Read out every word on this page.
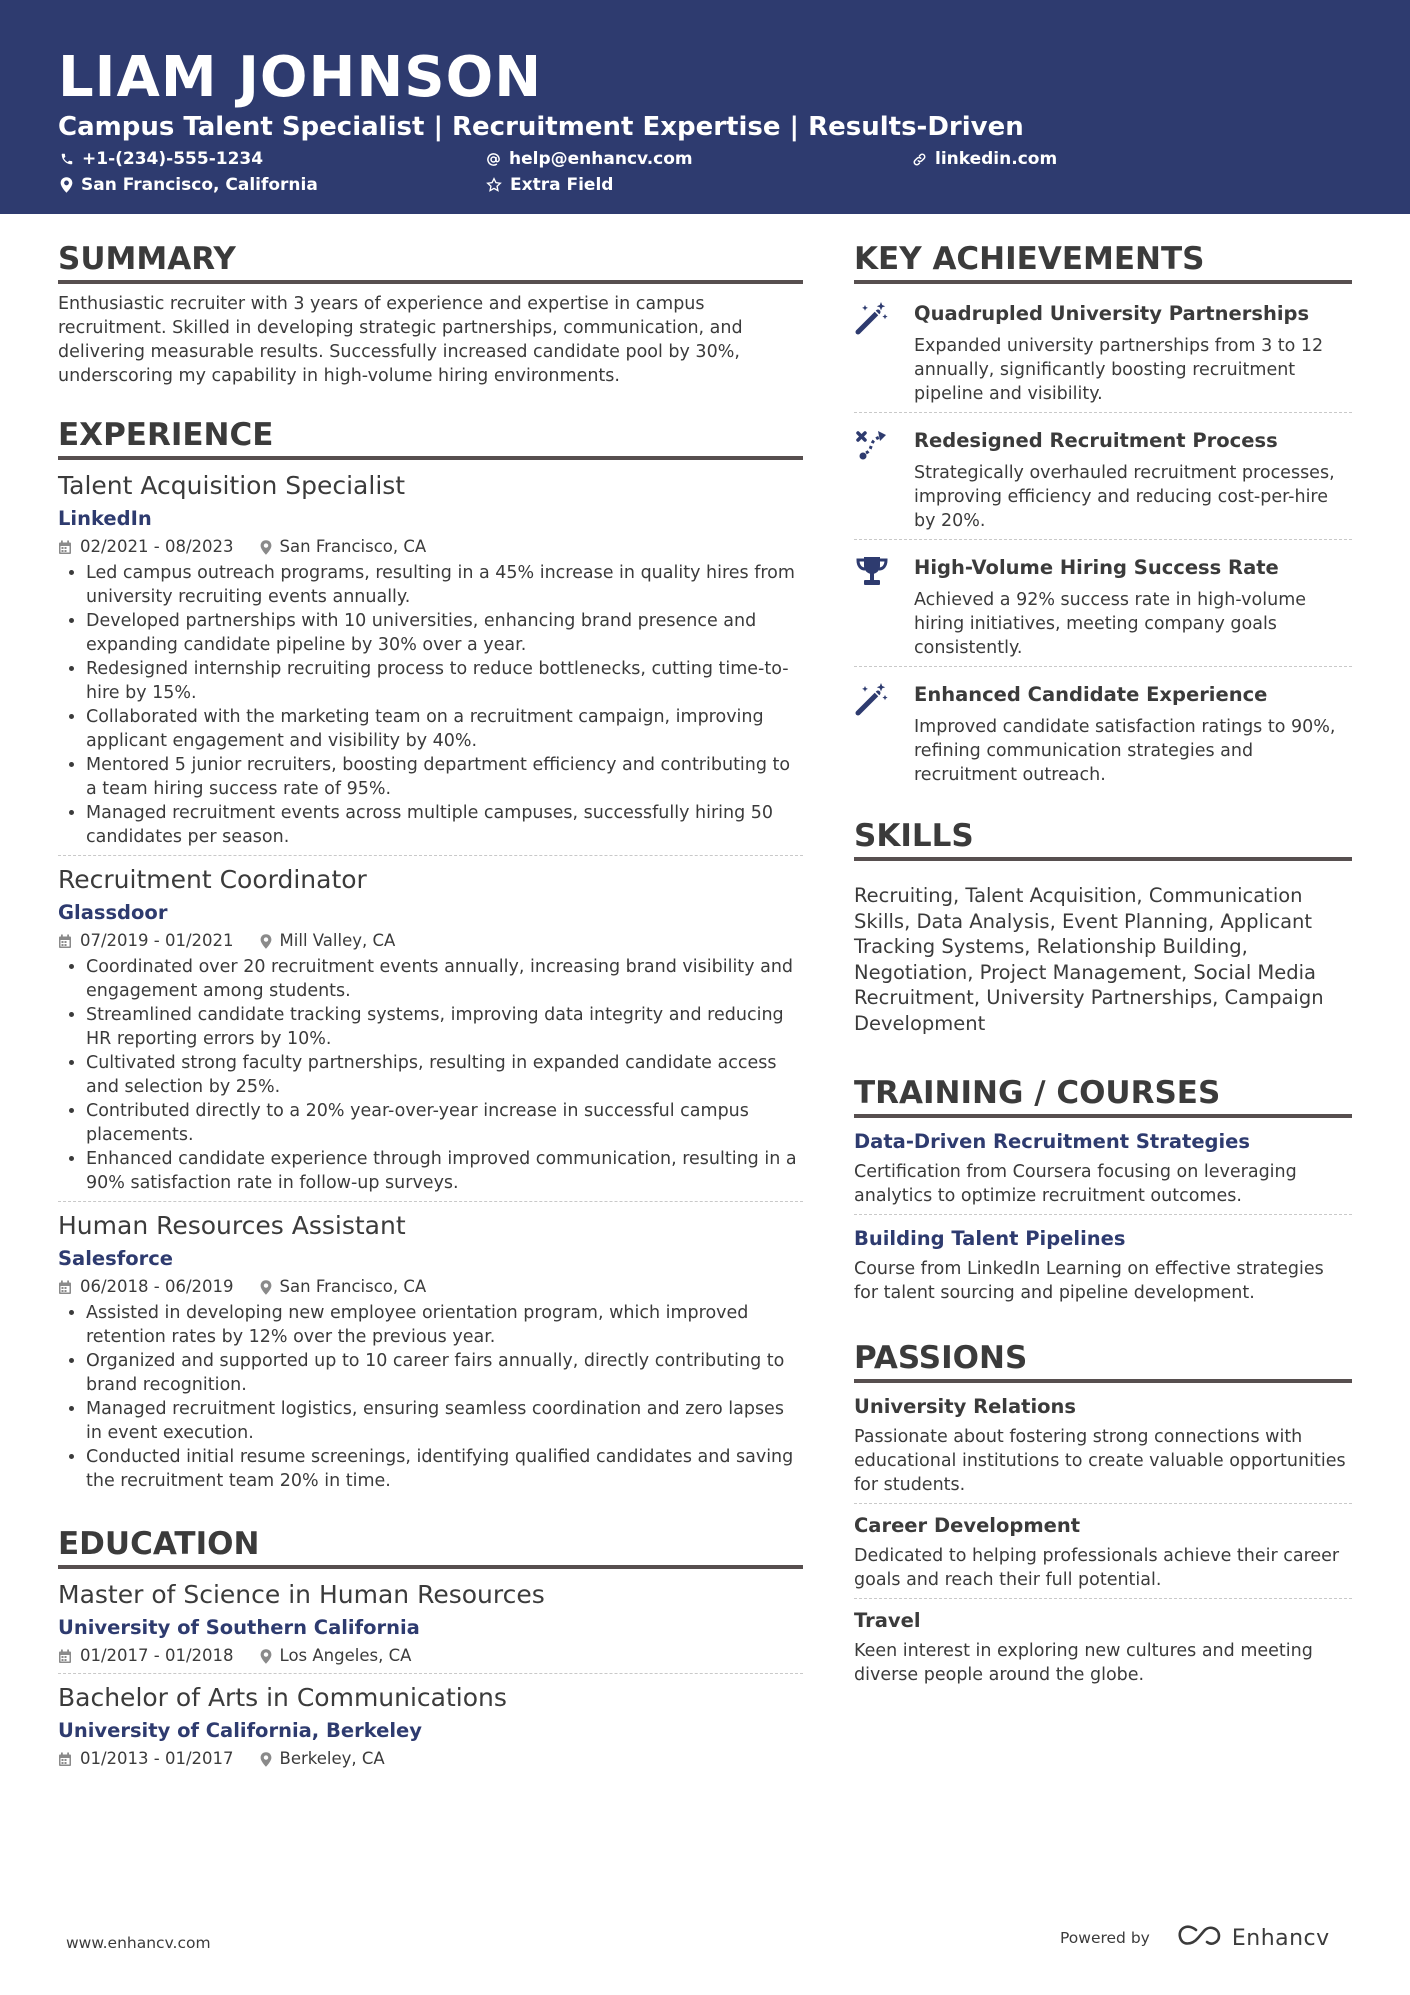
LIAM JOHNSON
Campus Talent Specialist | Recruitment Expertise | Results-Driven
+1-(234)-555-1234	help@enhancv.com	linkedin.com
San Francisco, California	Extra Field
SUMMARY

Enthusiastic recruiter with 3 years of experience and expertise in campus recruitment. Skilled in developing strategic partnerships, communication, and delivering measurable results. Successfully increased candidate pool by 30%, underscoring my capability in high-volume hiring environments.

EXPERIENCE
Talent Acquisition Specialist
LinkedIn
02/2021 - 08/2023	San Francisco, CA
• Led campus outreach programs, resulting in a 45% increase in quality hires from university recruiting events annually.
• Developed partnerships with 10 universities, enhancing brand presence and expanding candidate pipeline by 30% over a year.
• Redesigned internship recruiting process to reduce bottlenecks, cutting time-to-hire by 15%.
• Collaborated with the marketing team on a recruitment campaign, improving applicant engagement and visibility by 40%.
• Mentored 5 junior recruiters, boosting department efficiency and contributing to a team hiring success rate of 95%.
• Managed recruitment events across multiple campuses, successfully hiring 50 candidates per season.
Recruitment Coordinator
Glassdoor
07/2019 - 01/2021	Mill Valley, CA
• Coordinated over 20 recruitment events annually, increasing brand visibility and engagement among students.
• Streamlined candidate tracking systems, improving data integrity and reducing HR reporting errors by 10%.
• Cultivated strong faculty partnerships, resulting in expanded candidate access and selection by 25%.
• Contributed directly to a 20% year-over-year increase in successful campus placements.
• Enhanced candidate experience through improved communication, resulting in a 90% satisfaction rate in follow-up surveys.
Human Resources Assistant
Salesforce
06/2018 - 06/2019	San Francisco, CA
• Assisted in developing new employee orientation program, which improved retention rates by 12% over the previous year.
• Organized and supported up to 10 career fairs annually, directly contributing to brand recognition.
• Managed recruitment logistics, ensuring seamless coordination and zero lapses in event execution.
• Conducted initial resume screenings, identifying qualified candidates and saving the recruitment team 20% in time.
EDUCATION
Master of Science in Human Resources
University of Southern California
01/2017 - 01/2018	Los Angeles, CA
Bachelor of Arts in Communications
University of California, Berkeley
01/2013 - 01/2017	Berkeley, CA
KEY ACHIEVEMENTS
Quadrupled University Partnerships
Expanded university partnerships from 3 to 12 annually, significantly boosting recruitment pipeline and visibility.
Redesigned Recruitment Process
Strategically overhauled recruitment processes, improving efficiency and reducing cost-per-hire by 20%.
High-Volume Hiring Success Rate
Achieved a 92% success rate in high-volume hiring initiatives, meeting company goals consistently.
Enhanced Candidate Experience
Improved candidate satisfaction ratings to 90%, refining communication strategies and recruitment outreach.
SKILLS
Recruiting, Talent Acquisition, Communication Skills, Data Analysis, Event Planning, Applicant Tracking Systems, Relationship Building, Negotiation, Project Management, Social Media Recruitment, University Partnerships, Campaign Development
TRAINING / COURSES
Data-Driven Recruitment Strategies
Certification from Coursera focusing on leveraging analytics to optimize recruitment outcomes.
Building Talent Pipelines
Course from LinkedIn Learning on effective strategies for talent sourcing and pipeline development.
PASSIONS
University Relations
Passionate about fostering strong connections with educational institutions to create valuable opportunities for students.
Career Development
Dedicated to helping professionals achieve their career goals and reach their full potential.
Travel
Keen interest in exploring new cultures and meeting diverse people around the globe.
www.enhancv.com	Powered by	Enhancv
